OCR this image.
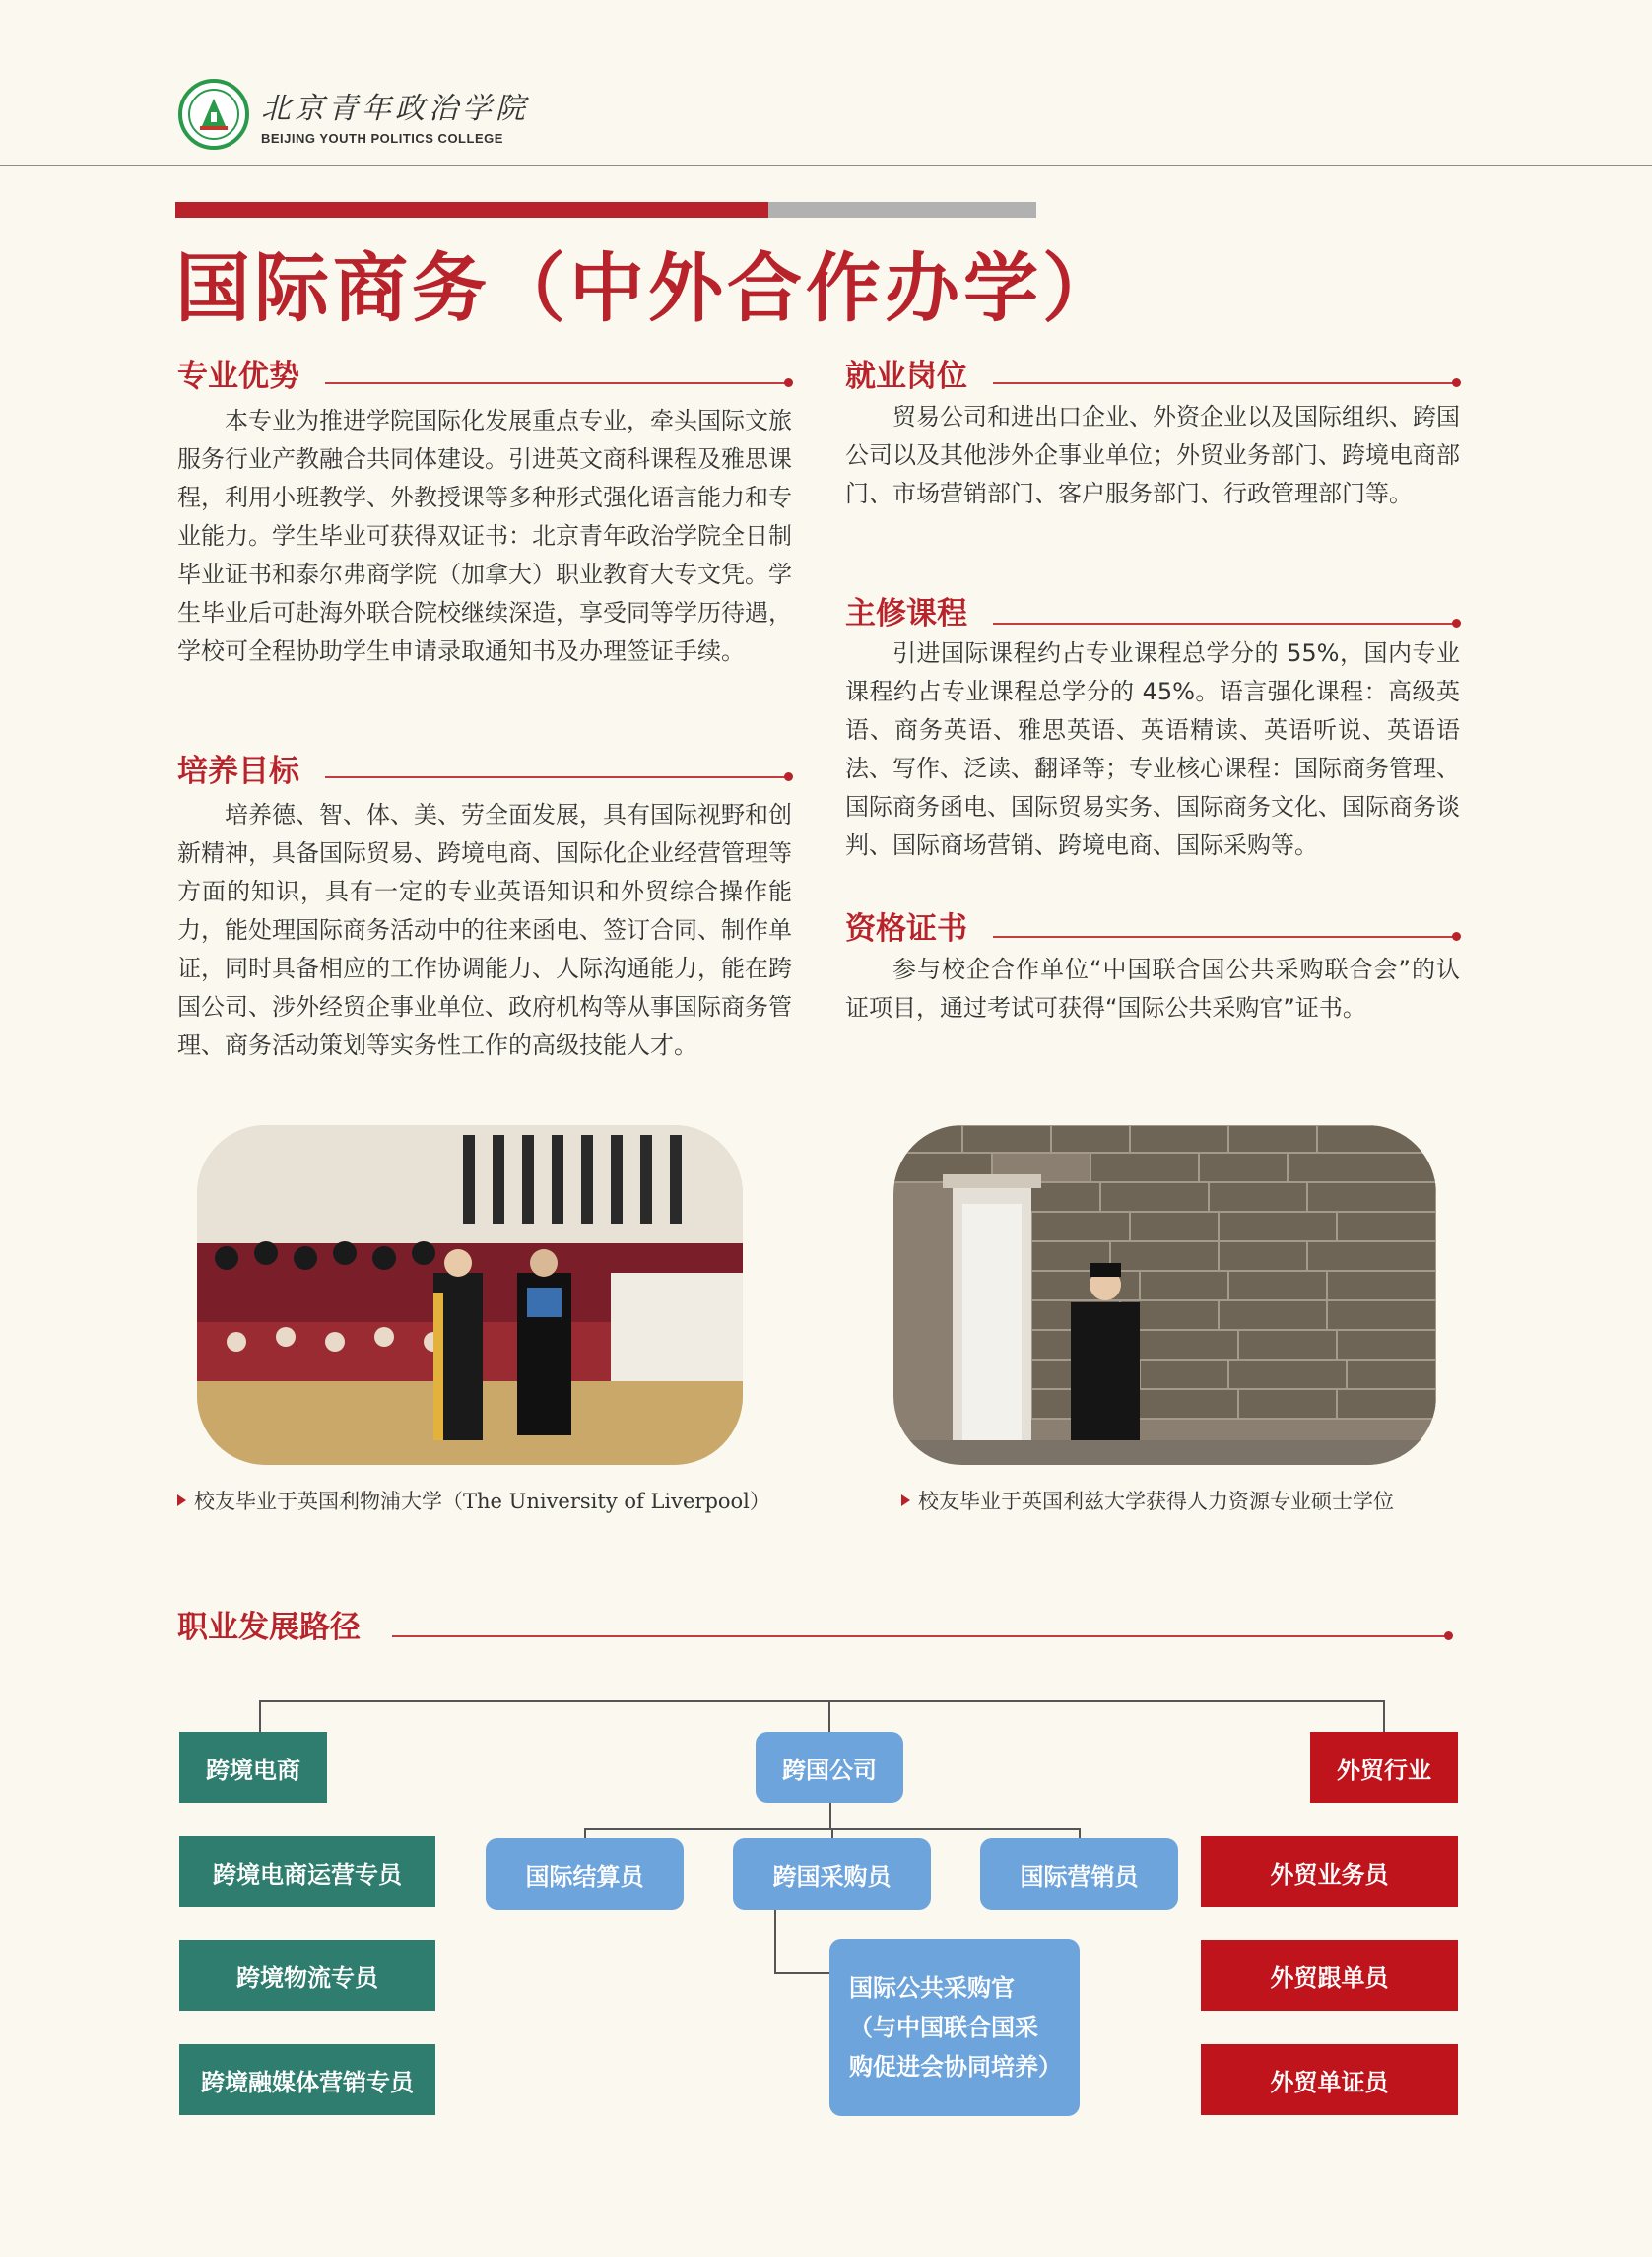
北京青年政治学院
BEIJING YOUTH POLITICS COLLEGE
国际商务（中外合作办学）
专业优势

本专业为推进学院国际化发展重点专业，牵头国际文旅服务行业产教融合共同体建设。引进英文商科课程及雅思课程，利用小班教学、外教授课等多种形式强化语言能力和专业能力。学生毕业可获得双证书：北京青年政治学院全日制毕业证书和泰尔弗商学院（加拿大）职业教育大专文凭。学生毕业后可赴海外联合院校继续深造，享受同等学历待遇，学校可全程协助学生申请录取通知书及办理签证手续。

培养目标

培养德、智、体、美、劳全面发展，具有国际视野和创新精神，具备国际贸易、跨境电商、国际化企业经营管理等方面的知识，具有一定的专业英语知识和外贸综合操作能力，能处理国际商务活动中的往来函电、签订合同、制作单证，同时具备相应的工作协调能力、人际沟通能力，能在跨国公司、涉外经贸企事业单位、政府机构等从事国际商务管理、商务活动策划等实务性工作的高级技能人才。

就业岗位

贸易公司和进出口企业、外资企业以及国际组织、跨国公司以及其他涉外企事业单位；外贸业务部门、跨境电商部门、市场营销部门、客户服务部门、行政管理部门等。

主修课程

引进国际课程约占专业课程总学分的 55%，国内专业课程约占专业课程总学分的 45%。语言强化课程：高级英语、商务英语、雅思英语、英语精读、英语听说、英语语法、写作、泛读、翻译等；专业核心课程：国际商务管理、国际商务函电、国际贸易实务、国际商务文化、国际商务谈判、国际商场营销、跨境电商、国际采购等。

资格证书

参与校企合作单位“中国联合国公共采购联合会”的认证项目，通过考试可获得“国际公共采购官”证书。

校友毕业于英国利物浦大学（The University of Liverpool）	校友毕业于英国利兹大学获得人力资源专业硕士学位
职业发展路径
跨境电商
跨境电商运营专员
跨境物流专员
跨境融媒体营销专员
跨国公司
国际结算员	跨国采购员	国际营销员
国际公共采购官（与中国联合国采购促进会协同培养）
外贸行业
外贸业务员
外贸跟单员
外贸单证员
